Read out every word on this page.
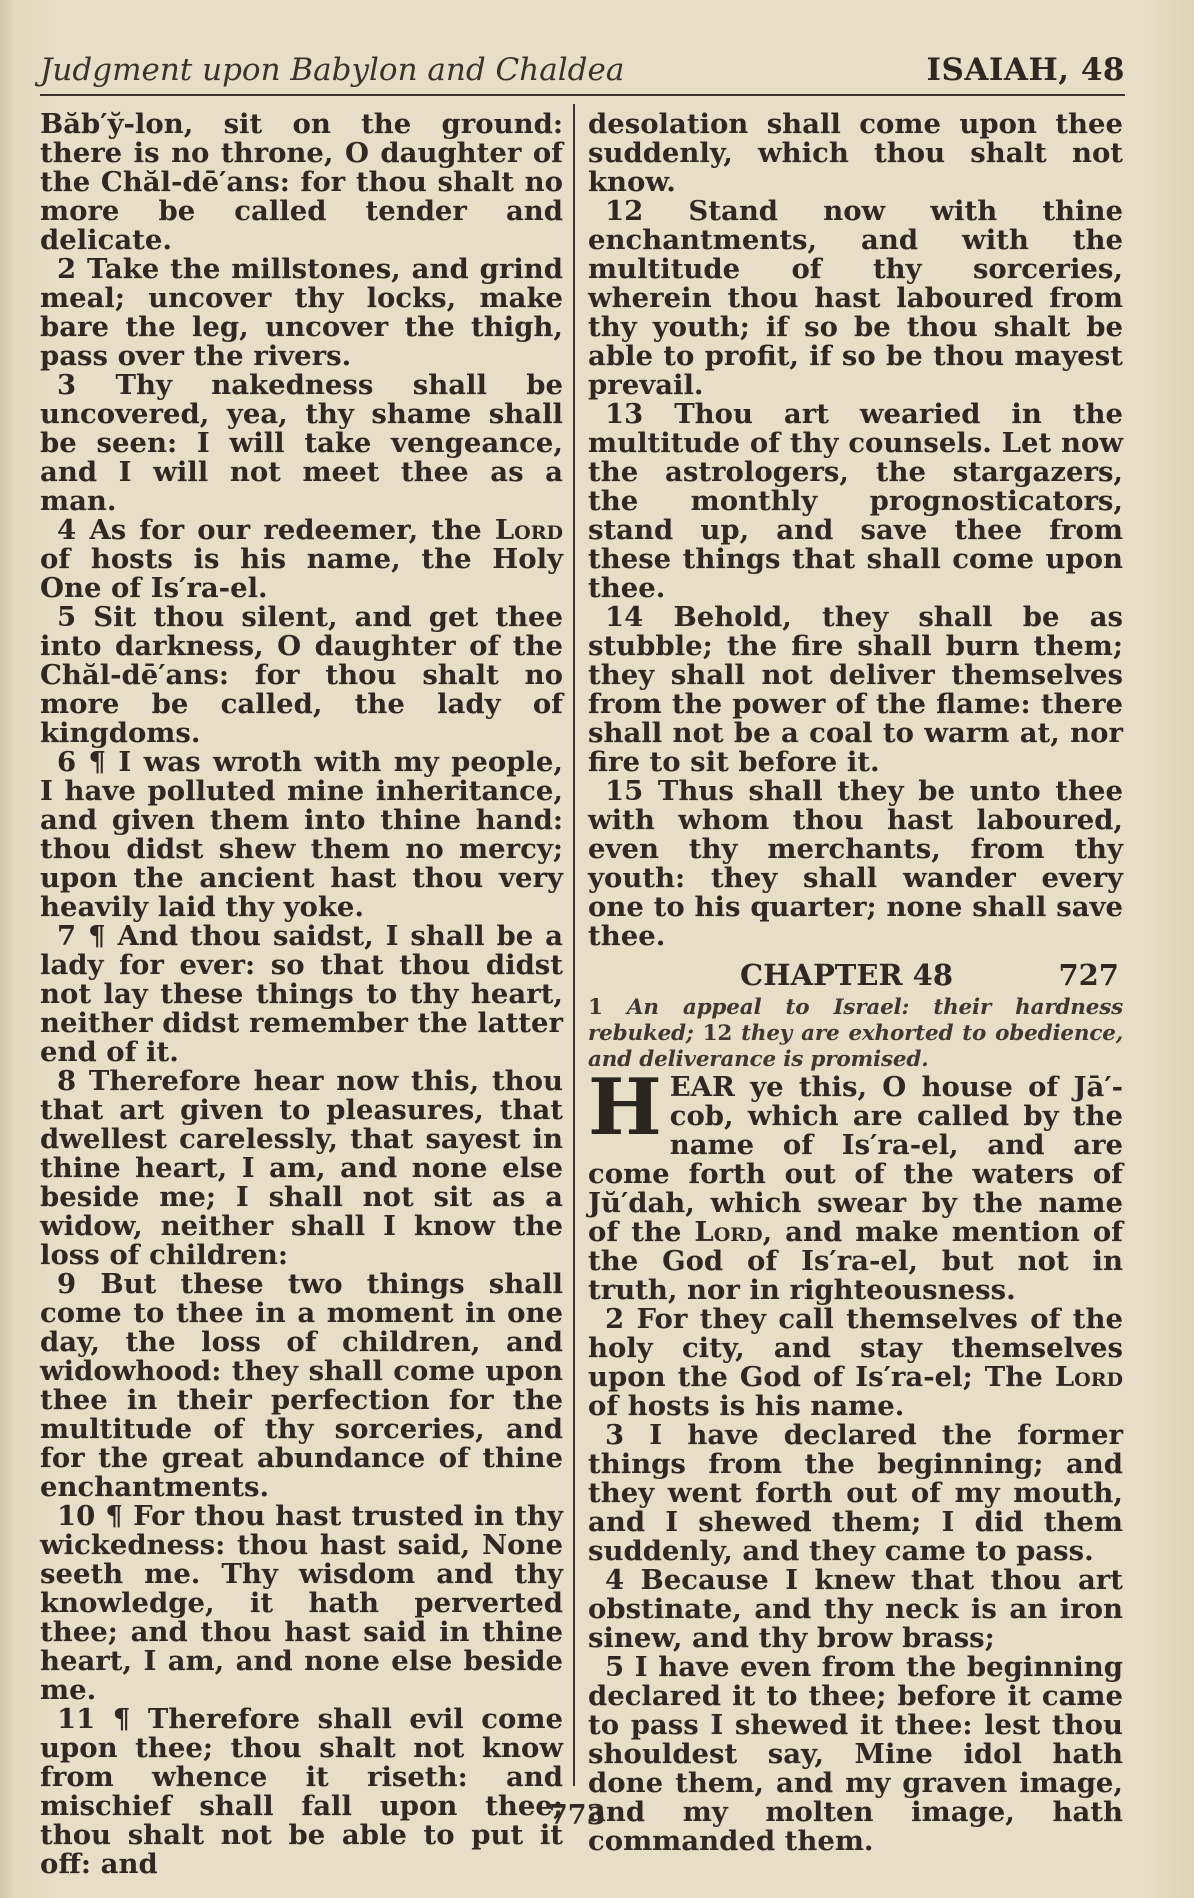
Judgment upon Babylon and Chaldea	ISAIAH, 48

Băb′y̆-lon, sit on the ground: there is no throne, O daughter of the Chăl-dē′ans: for thou shalt no more be called tender and delicate.

2 Take the millstones, and grind meal; uncover thy locks, make bare the leg, uncover the thigh, pass over the rivers.

3 Thy nakedness shall be uncovered, yea, thy shame shall be seen: I will take vengeance, and I will not meet thee as a man.

4 As for our redeemer, the Lord of hosts is his name, the Holy One of Is′ra-el.

5 Sit thou silent, and get thee into darkness, O daughter of the Chăl-dē′ans: for thou shalt no more be called, the lady of kingdoms.

6 ¶ I was wroth with my people, I have polluted mine inheritance, and given them into thine hand: thou didst shew them no mercy; upon the ancient hast thou very heavily laid thy yoke.

7 ¶ And thou saidst, I shall be a lady for ever: so that thou didst not lay these things to thy heart, neither didst remember the latter end of it.

8 Therefore hear now this, thou that art given to pleasures, that dwellest carelessly, that sayest in thine heart, I am, and none else beside me; I shall not sit as a widow, neither shall I know the loss of children:

9 But these two things shall come to thee in a moment in one day, the loss of children, and widowhood: they shall come upon thee in their perfection for the multitude of thy sorceries, and for the great abundance of thine enchantments.

10 ¶ For thou hast trusted in thy wickedness: thou hast said, None seeth me. Thy wisdom and thy knowledge, it hath perverted thee; and thou hast said in thine heart, I am, and none else beside me.

11 ¶ Therefore shall evil come upon thee; thou shalt not know from whence it riseth: and mischief shall fall upon thee; thou shalt not be able to put it off: and

desolation shall come upon thee suddenly, which thou shalt not know.

12 Stand now with thine enchantments, and with the multitude of thy sorceries, wherein thou hast laboured from thy youth; if so be thou shalt be able to profit, if so be thou mayest prevail.

13 Thou art wearied in the multitude of thy counsels. Let now the astrologers, the stargazers, the monthly prognosticators, stand up, and save thee from these things that shall come upon thee.

14 Behold, they shall be as stubble; the fire shall burn them; they shall not deliver themselves from the power of the flame: there shall not be a coal to warm at, nor fire to sit before it.

15 Thus shall they be unto thee with whom thou hast laboured, even thy merchants, from thy youth: they shall wander every one to his quarter; none shall save thee.

CHAPTER 48	727

1 An appeal to Israel: their hardness rebuked; 12 they are exhorted to obedience, and deliverance is promised.

HEAR ye this, O house of Jā′-cob, which are called by the name of Is′ra-el, and are come forth out of the waters of Jŭ′dah, which swear by the name of the Lord, and make mention of the God of Is′ra-el, but not in truth, nor in righteousness.

2 For they call themselves of the holy city, and stay themselves upon the God of Is′ra-el; The Lord of hosts is his name.

3 I have declared the former things from the beginning; and they went forth out of my mouth, and I shewed them; I did them suddenly, and they came to pass.

4 Because I knew that thou art obstinate, and thy neck is an iron sinew, and thy brow brass;

5 I have even from the beginning declared it to thee; before it came to pass I shewed it thee: lest thou shouldest say, Mine idol hath done them, and my graven image, and my molten image, hath commanded them.

773
